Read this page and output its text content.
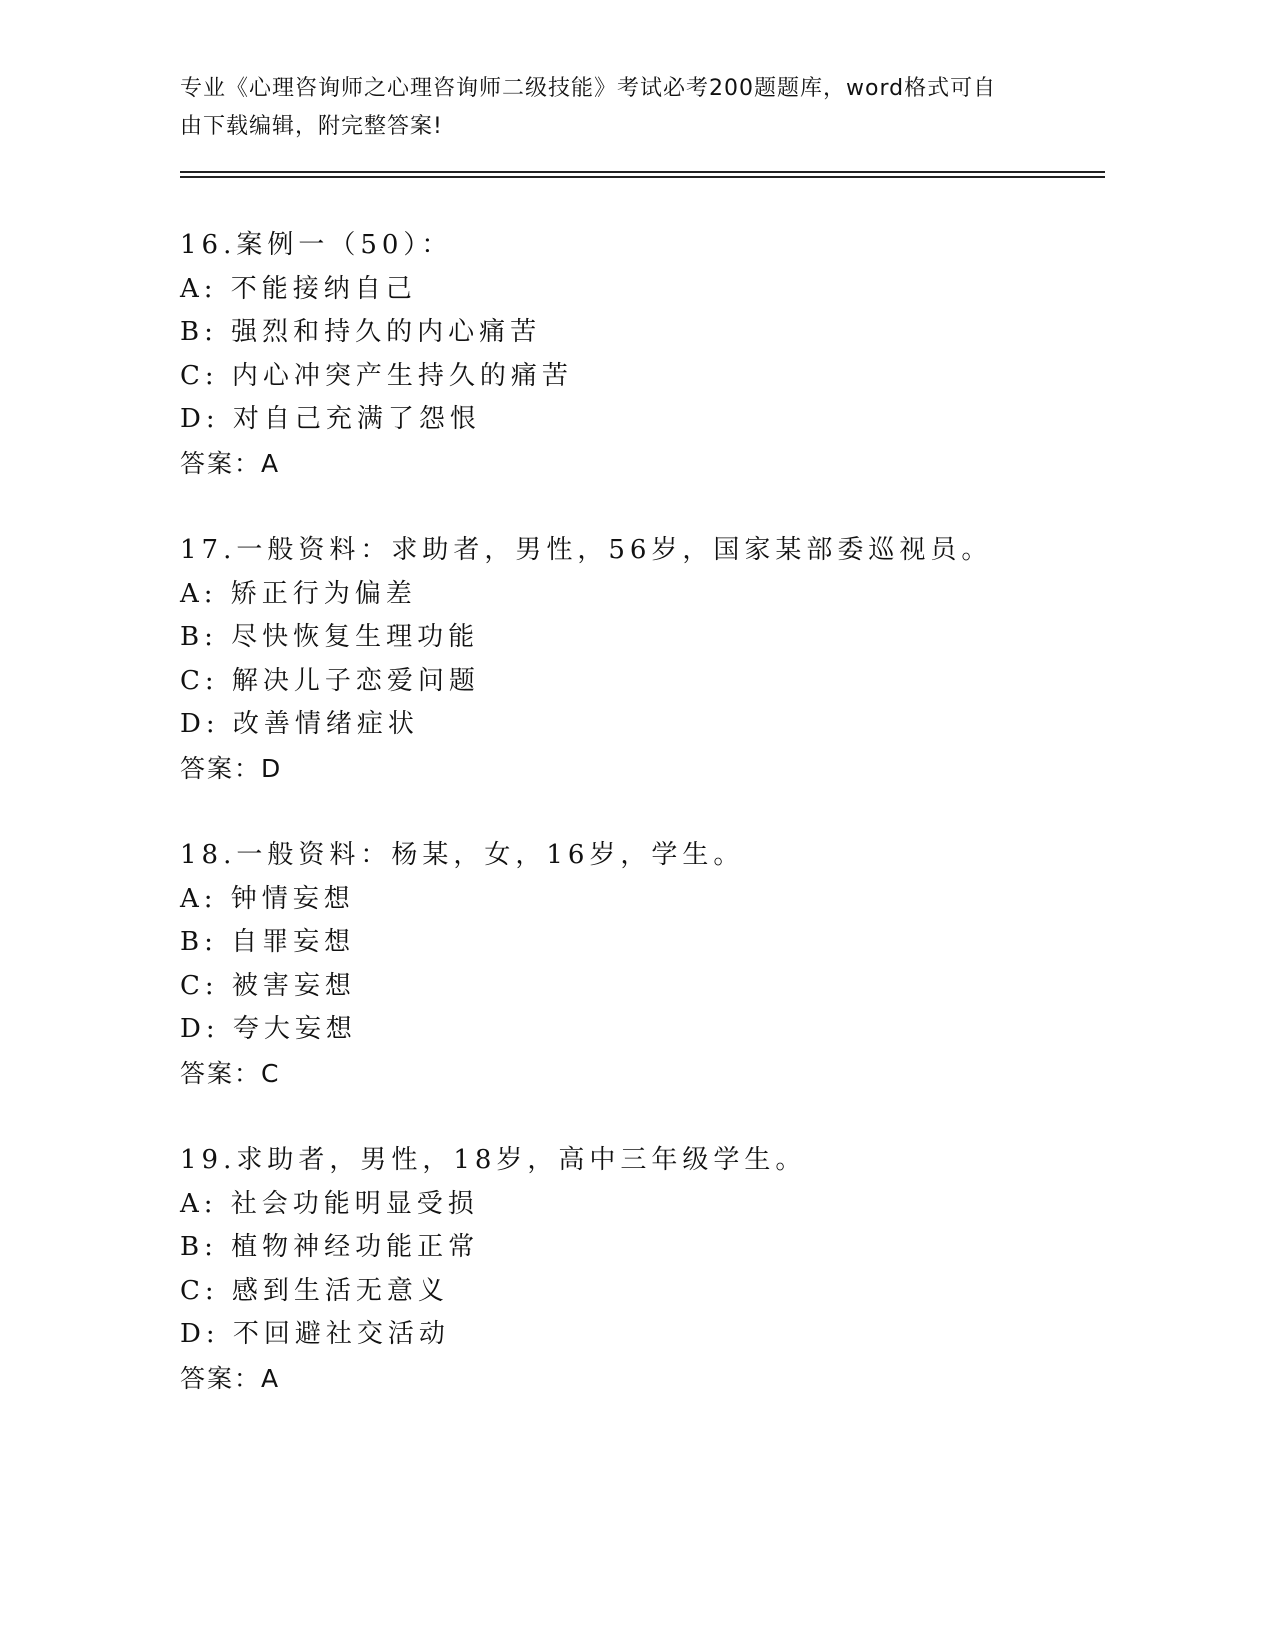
专业《心理咨询师之心理咨询师二级技能》考试必考200题题库，word格式可自
由下载编辑，附完整答案!
16.案例一（50）：
A: 不能接纳自己
B: 强烈和持久的内心痛苦
C: 内心冲突产生持久的痛苦
D: 对自己充满了怨恨
答案：A
17.一般资料：求助者，男性，56岁，国家某部委巡视员。
A: 矫正行为偏差
B: 尽快恢复生理功能
C: 解决儿子恋爱问题
D: 改善情绪症状
答案：D
18.一般资料：杨某，女，16岁，学生。
A: 钟情妄想
B: 自罪妄想
C: 被害妄想
D: 夸大妄想
答案：C
19.求助者，男性，18岁，高中三年级学生。
A: 社会功能明显受损
B: 植物神经功能正常
C: 感到生活无意义
D: 不回避社交活动
答案：A
